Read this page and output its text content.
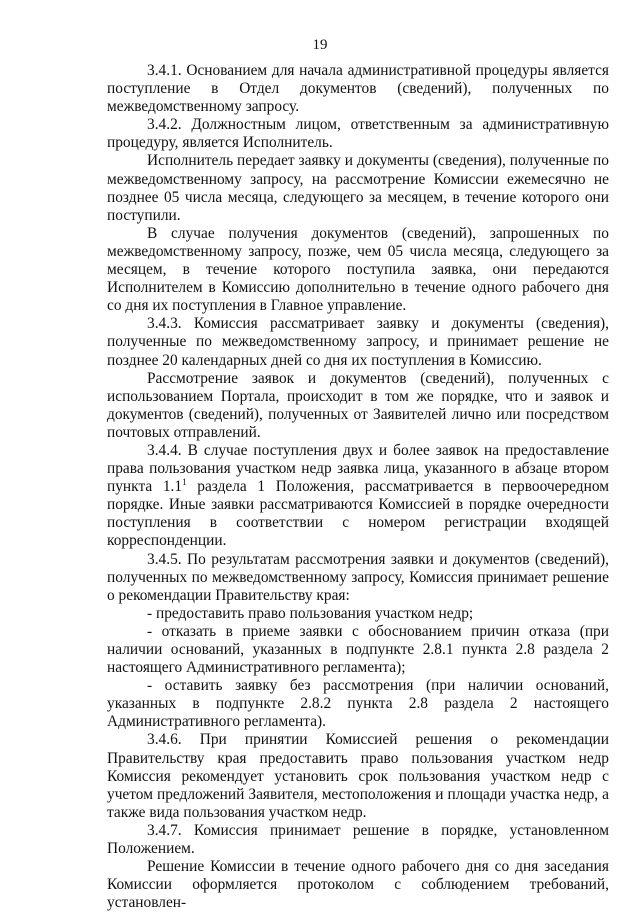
19

3.4.1. Основанием для начала административной процедуры является поступление в Отдел документов (сведений), полученных по межведомственному запросу.

3.4.2. Должностным лицом, ответственным за административную процедуру, является Исполнитель.

Исполнитель передает заявку и документы (сведения), полученные по межведомственному запросу, на рассмотрение Комиссии ежемесячно не позднее 05 числа месяца, следующего за месяцем, в течение которого они поступили.

В случае получения документов (сведений), запрошенных по межведомственному запросу, позже, чем 05 числа месяца, следующего за месяцем, в течение которого поступила заявка, они передаются Исполнителем в Комиссию дополнительно в течение одного рабочего дня со дня их поступления в Главное управление.

3.4.3. Комиссия рассматривает заявку и документы (сведения), полученные по межведомственному запросу, и принимает решение не позднее 20 календарных дней со дня их поступления в Комиссию.

Рассмотрение заявок и документов (сведений), полученных с использованием Портала, происходит в том же порядке, что и заявок и документов (сведений), полученных от Заявителей лично или посредством почтовых отправлений.

3.4.4. В случае поступления двух и более заявок на предоставление права пользования участком недр заявка лица, указанного в абзаце втором пункта $1.1^1$ раздела 1 Положения, рассматривается в первоочередном порядке. Иные заявки рассматриваются Комиссией в порядке очередности поступления в соответствии с номером регистрации входящей корреспонденции.

3.4.5. По результатам рассмотрения заявки и документов (сведений), полученных по межведомственному запросу, Комиссия принимает решение о рекомендации Правительству края:

- предоставить право пользования участком недр;

- отказать в приеме заявки с обоснованием причин отказа (при наличии оснований, указанных в подпункте 2.8.1 пункта 2.8 раздела 2 настоящего Административного регламента);

- оставить заявку без рассмотрения (при наличии оснований, указанных в подпункте 2.8.2 пункта 2.8 раздела 2 настоящего Административного регламента).

3.4.6. При принятии Комиссией решения о рекомендации Правительству края предоставить право пользования участком недр Комиссия рекомендует установить срок пользования участком недр с учетом предложений Заявителя, местоположения и площади участка недр, а также вида пользования участком недр.

3.4.7. Комиссия принимает решение в порядке, установленном Положением.

Решение Комиссии в течение одного рабочего дня со дня заседания Комиссии оформляется протоколом с соблюдением требований, установлен-
